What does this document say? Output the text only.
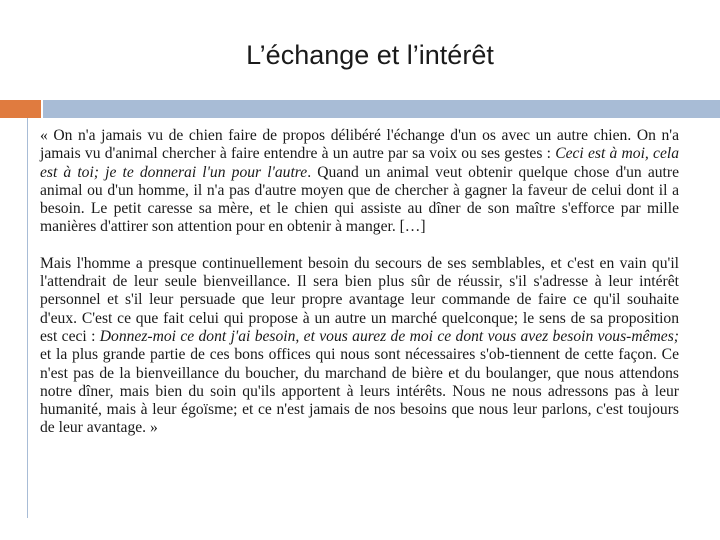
L’échange et l’intérêt

« On n'a jamais vu de chien faire de propos délibéré l'échange d'un os avec un autre chien. On n'a jamais vu d'animal chercher à faire entendre à un autre par sa voix ou ses gestes : Ceci est à moi, cela est à toi; je te donnerai l'un pour l'autre. Quand un animal veut obtenir quelque chose d'un autre animal ou d'un homme, il n'a pas d'autre moyen que de chercher à gagner la faveur de celui dont il a besoin. Le petit caresse sa mère, et le chien qui assiste au dîner de son maître s'efforce par mille manières d'attirer son attention pour en obtenir à manger. […]

Mais l'homme a presque continuellement besoin du secours de ses semblables, et c'est en vain qu'il l'attendrait de leur seule bienveillance. Il sera bien plus sûr de réussir, s'il s'adresse à leur intérêt personnel et s'il leur persuade que leur propre avantage leur commande de faire ce qu'il souhaite d'eux. C'est ce que fait celui qui propose à un autre un marché quelconque; le sens de sa proposition est ceci : Donnez-moi ce dont j'ai besoin, et vous aurez de moi ce dont vous avez besoin vous-mêmes; et la plus grande partie de ces bons offices qui nous sont nécessaires s'ob-tiennent de cette façon. Ce n'est pas de la bienveillance du boucher, du marchand de bière et du boulanger, que nous attendons notre dîner, mais bien du soin qu'ils apportent à leurs intérêts. Nous ne nous adressons pas à leur humanité, mais à leur égoïsme; et ce n'est jamais de nos besoins que nous leur parlons, c'est toujours de leur avantage. »
